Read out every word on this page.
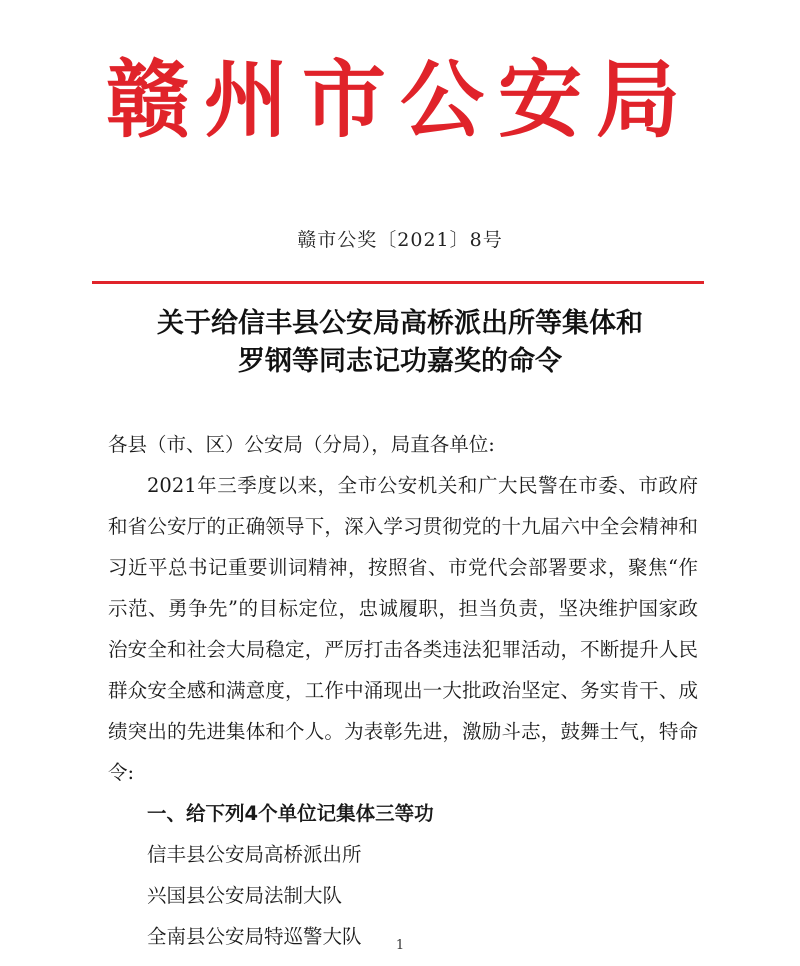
赣州市公安局
赣市公奖〔2021〕8号
关于给信丰县公安局高桥派出所等集体和
罗钢等同志记功嘉奖的命令
各县（市、区）公安局（分局），局直各单位:
2021年三季度以来，全市公安机关和广大民警在市委、市政府和省公安厅的正确领导下，深入学习贯彻党的十九届六中全会精神和习近平总书记重要训词精神，按照省、市党代会部署要求，聚焦“作示范、勇争先”的目标定位，忠诚履职，担当负责，坚决维护国家政治安全和社会大局稳定，严厉打击各类违法犯罪活动，不断提升人民群众安全感和满意度，工作中涌现出一大批政治坚定、务实肯干、成绩突出的先进集体和个人。为表彰先进，激励斗志，鼓舞士气，特命令:
一、给下列4个单位记集体三等功
信丰县公安局高桥派出所
兴国县公安局法制大队
全南县公安局特巡警大队	1
